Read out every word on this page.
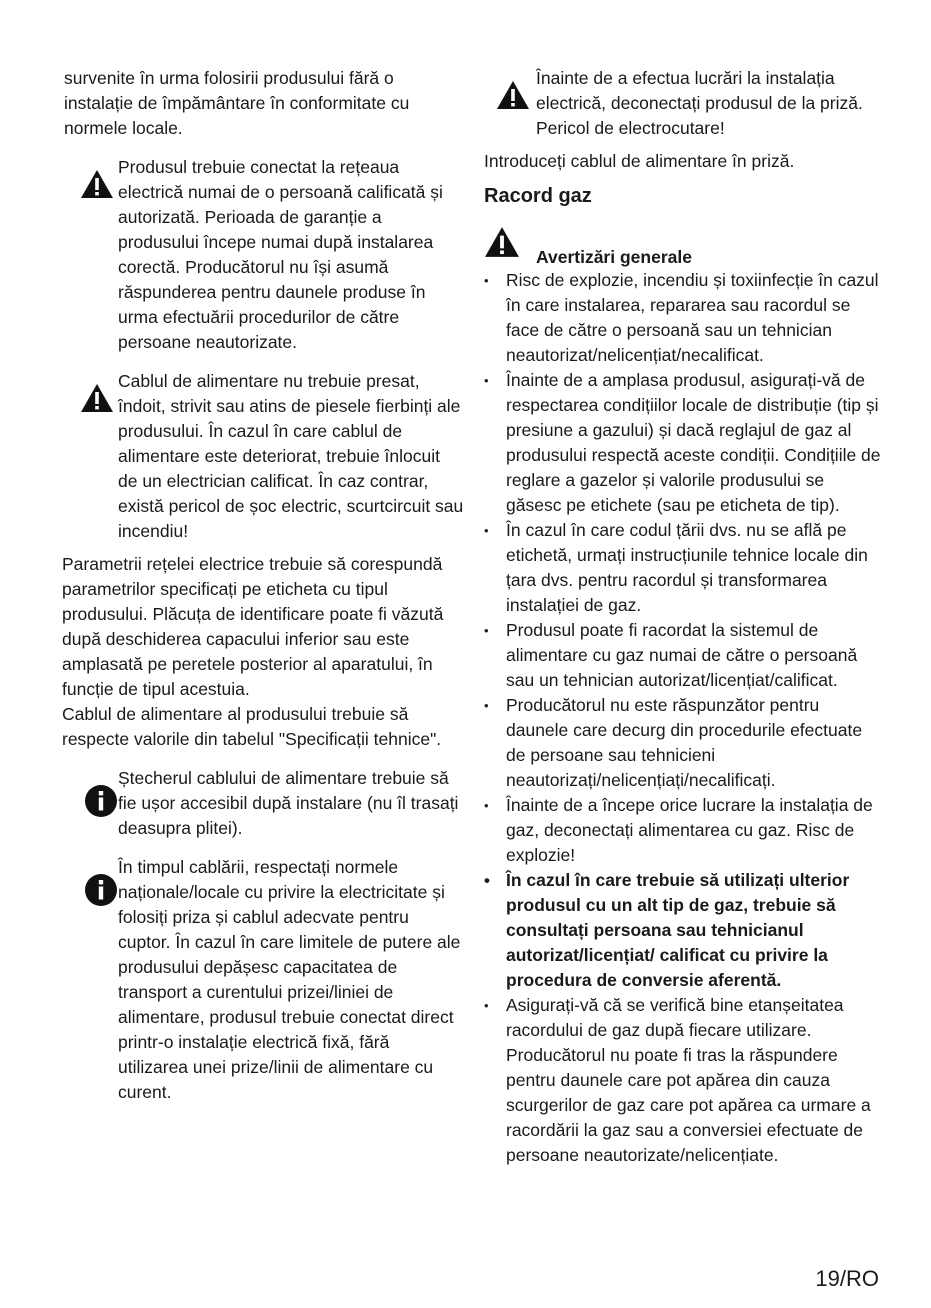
survenite în urma folosirii produsului fără o instalație de împământare în conformitate cu normele locale.

Produsul trebuie conectat la rețeaua electrică numai de o persoană calificată și autorizată. Perioada de garanție a produsului începe numai după instalarea corectă. Producătorul nu își asumă răspunderea pentru daunele produse în urma efectuării procedurilor de către persoane neautorizate.

Cablul de alimentare nu trebuie presat, îndoit, strivit sau atins de piesele fierbinți ale produsului. În cazul în care cablul de alimentare este deteriorat, trebuie înlocuit de un electrician calificat. În caz contrar, există pericol de șoc electric, scurtcircuit sau incendiu!

Parametrii rețelei electrice trebuie să corespundă parametrilor specificați pe eticheta cu tipul produsului. Plăcuța de identificare poate fi văzută după deschiderea capacului inferior sau este amplasată pe peretele posterior al aparatului, în funcție de tipul acestuia.

Cablul de alimentare al produsului trebuie să respecte valorile din tabelul "Specificații tehnice".

Ștecherul cablului de alimentare trebuie să fie ușor accesibil după instalare (nu îl trasați deasupra plitei).

În timpul cablării, respectați normele naționale/locale cu privire la electricitate și folosiți priza și cablul adecvate pentru cuptor. În cazul în care limitele de putere ale produsului depășesc capacitatea de transport a curentului prizei/liniei de alimentare, produsul trebuie conectat direct printr-o instalație electrică fixă, fără utilizarea unei prize/linii de alimentare cu curent.

Înainte de a efectua lucrări la instalația electrică, deconectați produsul de la priză. Pericol de electrocutare!

Introduceți cablul de alimentare în priză.

Racord gaz
Avertizări generale
• Risc de explozie, incendiu și toxiinfecție în cazul în care instalarea, repararea sau racordul se face de către o persoană sau un tehnician neautorizat/nelicențiat/necalificat.
• Înainte de a amplasa produsul, asigurați-vă de respectarea condițiilor locale de distribuție (tip și presiune a gazului) și dacă reglajul de gaz al produsului respectă aceste condiții. Condițiile de reglare a gazelor și valorile produsului se găsesc pe etichete (sau pe eticheta de tip).
• În cazul în care codul țării dvs. nu se află pe etichetă, urmați instrucțiunile tehnice locale din țara dvs. pentru racordul și transformarea instalației de gaz.
• Produsul poate fi racordat la sistemul de alimentare cu gaz numai de către o persoană sau un tehnician autorizat/licențiat/calificat.
• Producătorul nu este răspunzător pentru daunele care decurg din procedurile efectuate de persoane sau tehnicieni neautorizați/nelicențiați/necalificați.
• Înainte de a începe orice lucrare la instalația de gaz, deconectați alimentarea cu gaz. Risc de explozie!
• În cazul în care trebuie să utilizați ulterior produsul cu un alt tip de gaz, trebuie să consultați persoana sau tehnicianul autorizat/licențiat/ calificat cu privire la procedura de conversie aferentă.
• Asigurați-vă că se verifică bine etanșeitatea racordului de gaz după fiecare utilizare. Producătorul nu poate fi tras la răspundere pentru daunele care pot apărea din cauza scurgerilor de gaz care pot apărea ca urmare a racordării la gaz sau a conversiei efectuate de persoane neautorizate/nelicențiate.
19/RO
